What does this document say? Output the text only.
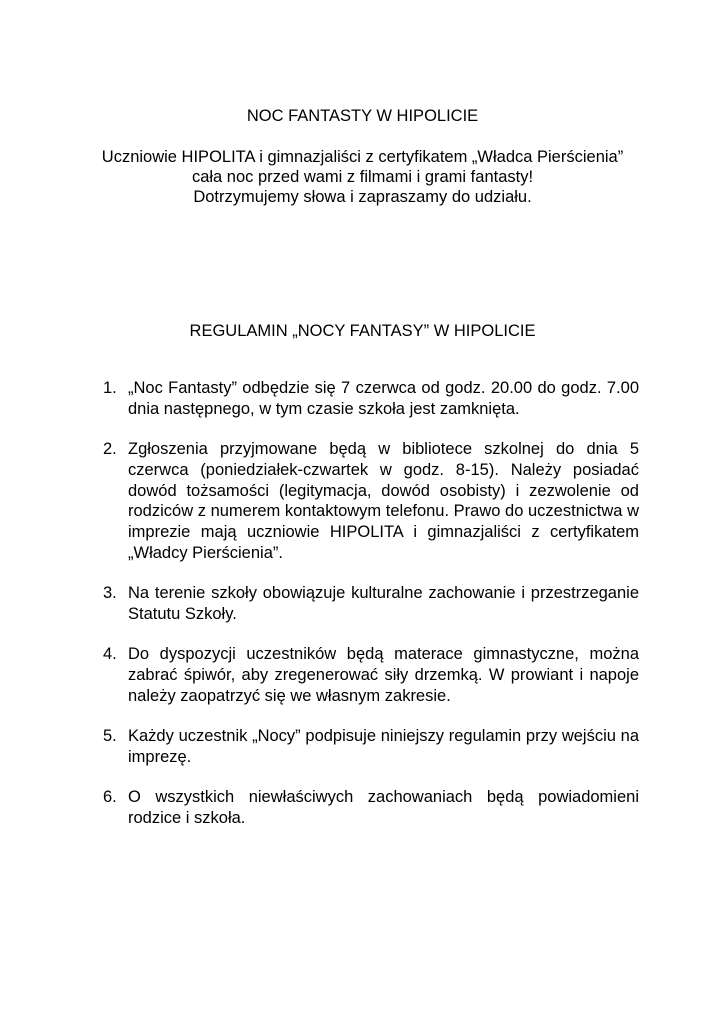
NOC FANTASTY W HIPOLICIE
Uczniowie HIPOLITA i gimnazjaliści z certyfikatem „Władca Pierścienia”
cała noc przed wami z filmami i grami fantasty!
Dotrzymujemy słowa i zapraszamy do udziału.
REGULAMIN „NOCY FANTASY” W HIPOLICIE
1. „Noc Fantasty” odbędzie się 7 czerwca od godz. 20.00 do godz. 7.00 dnia następnego, w tym czasie szkoła jest zamknięta.
2. Zgłoszenia przyjmowane będą w bibliotece szkolnej do dnia 5 czerwca (poniedziałek-czwartek w godz. 8-15). Należy posiadać dowód tożsamości (legitymacja, dowód osobisty) i zezwolenie od rodziców z numerem kontaktowym telefonu. Prawo do uczestnictwa w imprezie mają uczniowie HIPOLITA i gimnazjaliści z certyfikatem „Władcy Pierścienia”.
3. Na terenie szkoły obowiązuje kulturalne zachowanie i przestrzeganie Statutu Szkoły.
4. Do dyspozycji uczestników będą materace gimnastyczne, można zabrać śpiwór, aby zregenerować siły drzemką. W prowiant i napoje należy zaopatrzyć się we własnym zakresie.
5. Każdy uczestnik „Nocy” podpisuje niniejszy regulamin przy wejściu na imprezę.
6. O wszystkich niewłaściwych zachowaniach będą powiadomieni rodzice i szkoła.
